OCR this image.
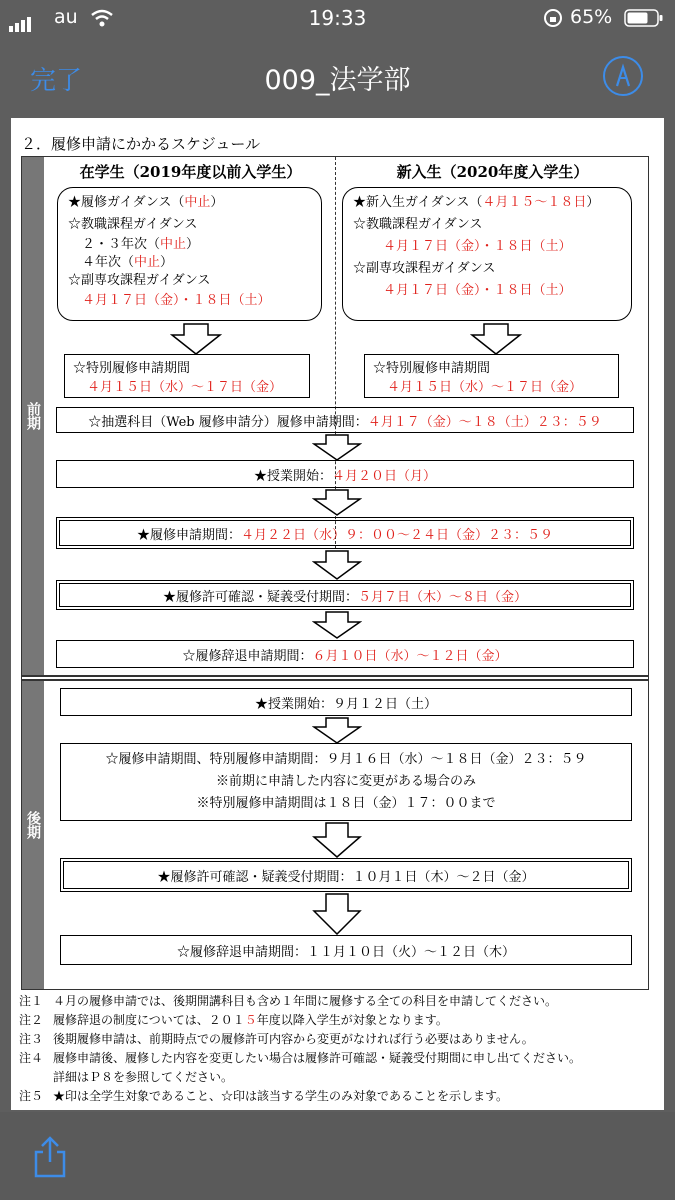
au	19:33	65%
完了	009_法学部
２．履修申請にかかるスケジュール
前期
後期
在学生（2019年度以前入学生）	新入生（2020年度入学生）
★履修ガイダンス（中止）
☆教職課程ガイダンス
２・３年次（中止）
４年次（中止）
☆副専攻課程ガイダンス
４月１７日（金）・１８日（土）
★新入生ガイダンス（４月１５〜１８日）
☆教職課程ガイダンス
４月１７日（金）・１８日（土）
☆副専攻課程ガイダンス
４月１７日（金）・１８日（土）
☆特別履修申請期間
４月１５日（水）〜１７日（金）
☆特別履修申請期間
４月１５日（水）〜１７日（金）
☆抽選科目（Web 履修申請分）履修申請期間： ４月１７（金）〜１８（土）２３：５９
★授業開始： ４月２０日（月）
★履修申請期間： ４月２２日（水）９：００〜２４日（金）２３：５９
★履修許可確認・疑義受付期間： ５月７日（木）〜８日（金）
☆履修辞退申請期間： ６月１０日（水）〜１２日（金）
★授業開始：９月１２日（土）
☆履修申請期間、特別履修申請期間：９月１６日（水）〜１８日（金）２３：５９
※前期に申請した内容に変更がある場合のみ
※特別履修申請期間は１８日（金）１７：００まで
★履修許可確認・疑義受付期間：１０月１日（木）〜２日（金）
☆履修辞退申請期間：１１月１０日（火）〜１２日（木）
注１ ４月の履修申請では、後期開講科目も含め１年間に履修する全ての科目を申請してください。
注２ 履修辞退の制度については、２０１５年度以降入学生が対象となります。
注３ 後期履修申請は、前期時点での履修許可内容から変更がなければ行う必要はありません。
注４ 履修申請後、履修した内容を変更したい場合は履修許可確認・疑義受付期間に申し出てください。
詳細はＰ８を参照してください。
注５ ★印は全学生対象であること、☆印は該当する学生のみ対象であることを示します。
